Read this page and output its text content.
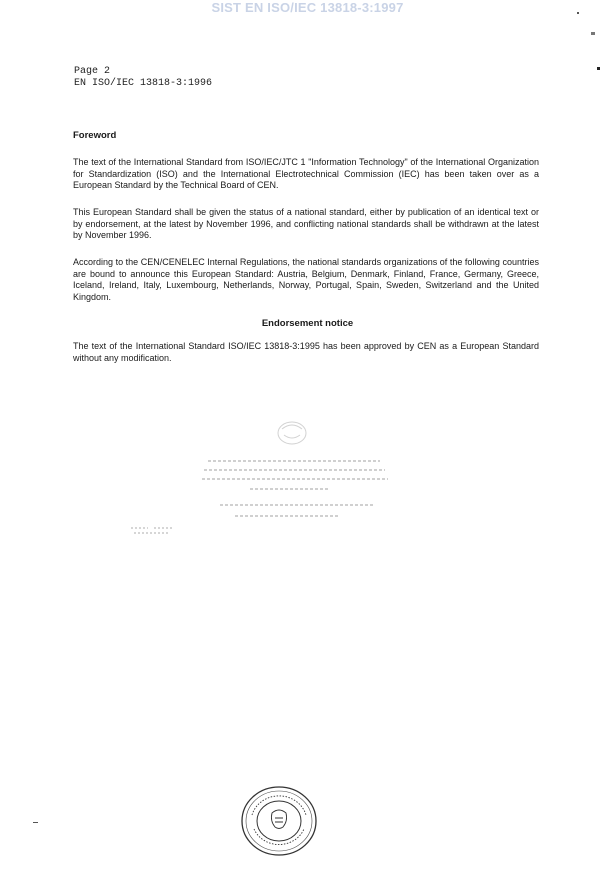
SIST EN ISO/IEC 13818-3:1997
Page 2
EN ISO/IEC 13818-3:1996
Foreword
The text of the International Standard from ISO/IEC/JTC 1 "Information Technology" of the International Organization for Standardization (ISO) and the International Electrotechnical Commission (IEC) has been taken over as a European Standard by the Technical Board of CEN.
This European Standard shall be given the status of a national standard, either by publication of an identical text or by endorsement, at the latest by November 1996, and conflicting national standards shall be withdrawn at the latest by November 1996.
According to the CEN/CENELEC Internal Regulations, the national standards organizations of the following countries are bound to announce this European Standard: Austria, Belgium, Denmark, Finland, France, Germany, Greece, Iceland, Ireland, Italy, Luxembourg, Netherlands, Norway, Portugal, Spain, Sweden, Switzerland and the United Kingdom.
Endorsement notice
The text of the International Standard ISO/IEC 13818-3:1995 has been approved by CEN as a European Standard without any modification.
